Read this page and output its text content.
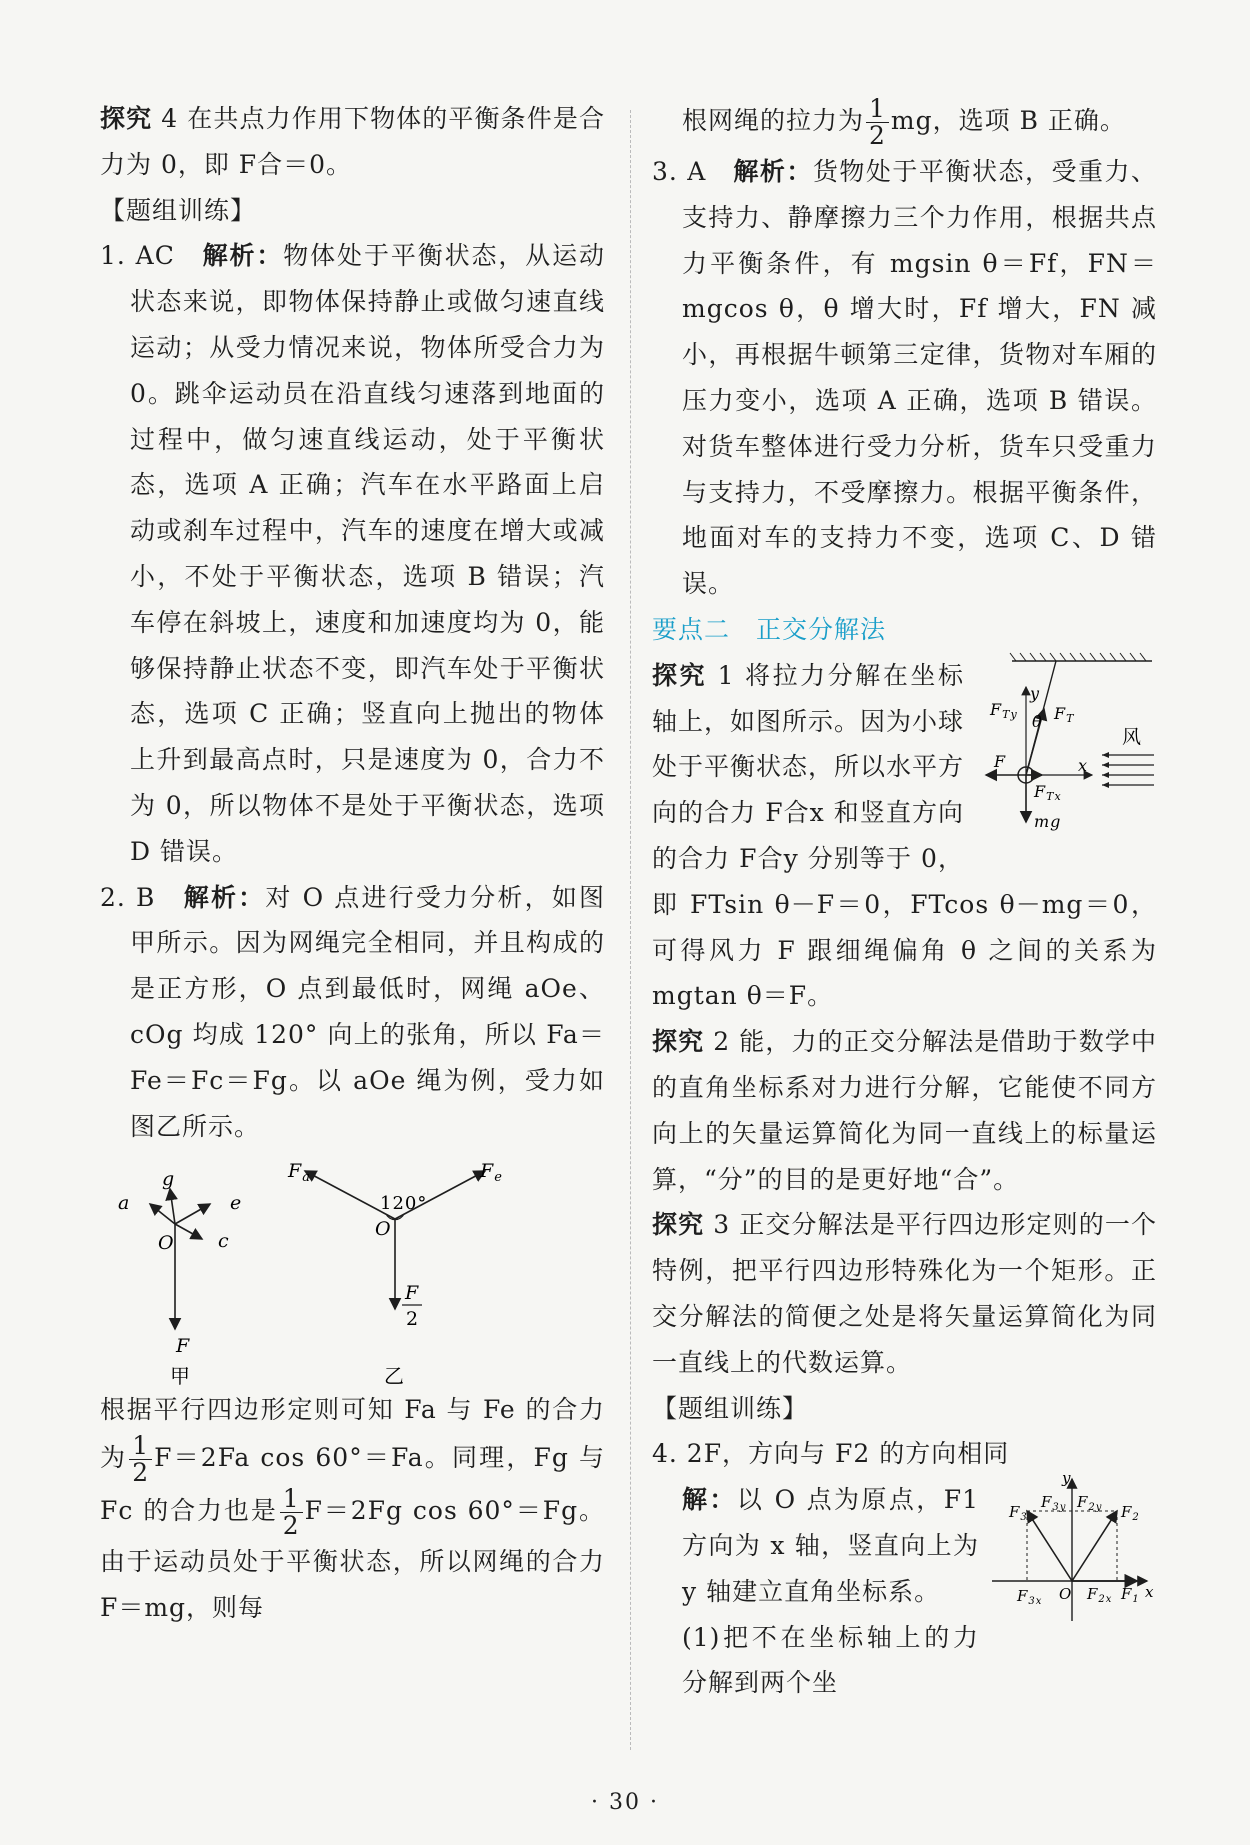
探究 4 在共点力作用下物体的平衡条件是合力为 0，即 F合＝0。

【题组训练】

1. AC　 解析：物体处于平衡状态，从运动状态来说，即物体保持静止或做匀速直线运动；从受力情况来说，物体所受合力为 0。跳伞运动员在沿直线匀速落到地面的过程中，做匀速直线运动，处于平衡状态，选项 A 正确；汽车在水平路面上启动或刹车过程中，汽车的速度在增大或减小，不处于平衡状态，选项 B 错误；汽车停在斜坡上，速度和加速度均为 0，能够保持静止状态不变，即汽车处于平衡状态，选项 C 正确；竖直向上抛出的物体上升到最高点时，只是速度为 0，合力不为 0，所以物体不是处于平衡状态，选项 D 错误。

2. B　 解析：对 O 点进行受力分析，如图甲所示。因为网绳完全相同，并且构成的是正方形，O 点到最低时，网绳 aOe、cOg 均成 120° 向上的张角，所以 Fa＝Fe＝Fc＝Fg。以 aOe 绳为例，受力如图乙所示。

a
g
e
O c
F
甲
$F_a$	$F_e$
120°
O
F
2
乙

根据平行四边形定则可知 Fa 与 Fe 的合力为 $\frac{1}{2} F=2Fa$ cos 60°＝Fa。同理，Fg 与 Fc 的合力也是 $\frac{1}{2} F=2Fg$ cos 60°＝Fg。由于运动员处于平衡状态，所以网绳的合力 F＝mg，则每

根网绳的拉力为 $\frac{1}{2}$ mg，选项 B 正确。

3. A　 解析：货物处于平衡状态，受重力、支持力、静摩擦力三个力作用，根据共点力平衡条件，有 mgsin θ＝Ff，FN＝mgcos θ，θ 增大时，Ff 增大，FN 减小，再根据牛顿第三定律，货物对车厢的压力变小，选项 A 正确，选项 B 错误。对货车整体进行受力分析，货车只受重力与支持力，不受摩擦力。根据平衡条件，地面对车的支持力不变，选项 C、D 错误。

要点二　正交分解法

FTy
y
θ FT
风
F	x
FTx
mg

探究 1 将拉力分解在坐标轴上，如图所示。因为小球处于平衡状态，所以水平方向的合力 F合x 和竖直方向的合力 F合y 分别等于 0，即 FTsin θ－F＝0，FTcos θ－mg＝0，可得风力 F 跟细绳偏角 θ 之间的关系为 mgtan θ＝F。

探究 2 能，力的正交分解法是借助于数学中的直角坐标系对力进行分解，它能使不同方向上的矢量运算简化为同一直线上的标量运算，“分”的目的是更好地“合”。

探究 3 正交分解法是平行四边形定则的一个特例，把平行四边形特殊化为一个矩形。正交分解法的简便之处是将矢量运算简化为同一直线上的代数运算。

【题组训练】

4. 2F，方向与 F2 的方向相同

y
$F_{3y}$ $F_{2y}$
$F_3$	$F_2$
$F_{3x}$ O $F_{2x}$ $F_1$ x

解：以 O 点为原点，F1 方向为 x 轴，竖直向上为 y 轴建立直角坐标系。

(1)把不在坐标轴上的力分解到两个坐

· 30 ·
